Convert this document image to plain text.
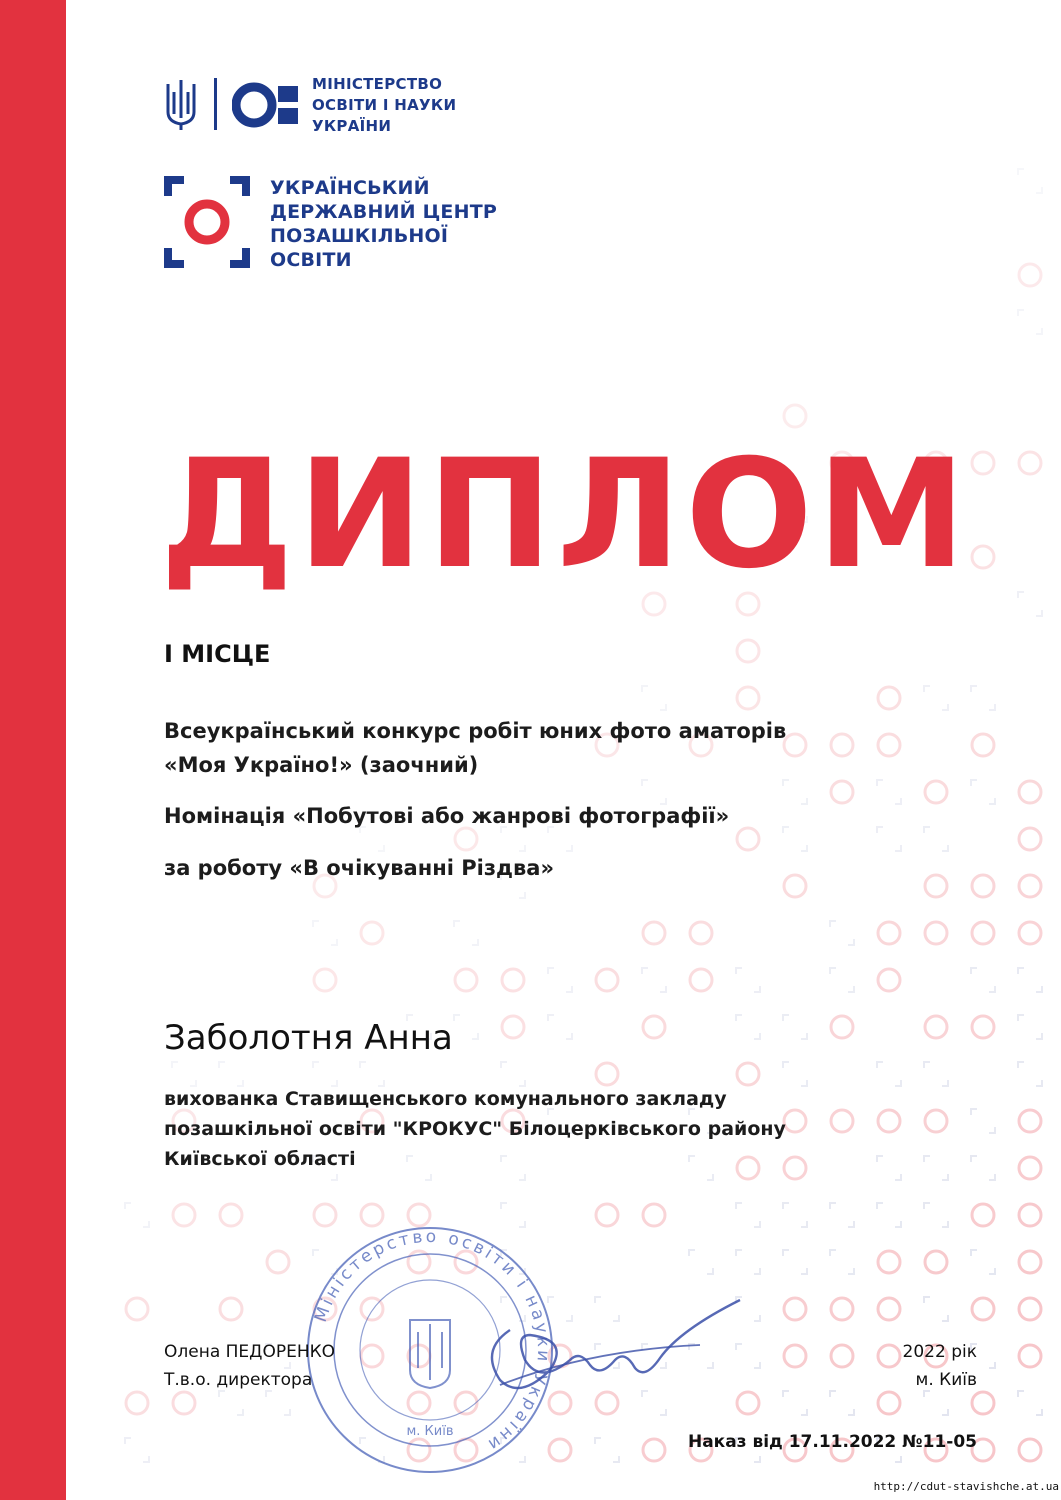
МІНІСТЕРСТВО
ОСВІТИ І НАУКИ
УКРАЇНИ
УКРАЇНСЬКИЙ
ДЕРЖАВНИЙ ЦЕНТР
ПОЗАШКІЛЬНОЇ
ОСВІТИ
ДИПЛОМ
І МІСЦЕ
Всеукраїнський конкурс робіт юних фото аматорів
«Моя Україно!» (заочний)
Номінація «Побутові або жанрові фотографії»
за роботу «В очікуванні Різдва»
Заболотня Анна
вихованка Ставищенського комунального закладу
позашкільної освіти "КРОКУС" Білоцерківського району
Київської області
Міністерство освіти і науки України
м. Київ
Олена ПЕДОРЕНКО
Т.в.о. директора
2022 рік
м. Київ
Наказ від 17.11.2022 №11-05
http://cdut-stavishche.at.ua
